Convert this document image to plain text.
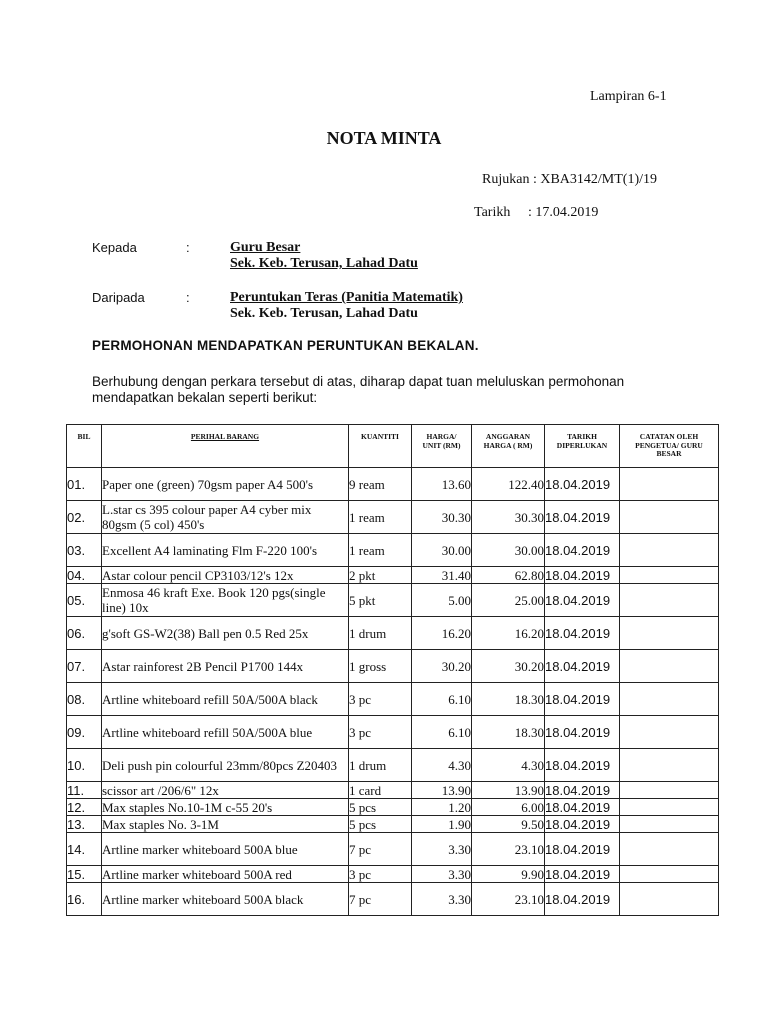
Lampiran 6-1
NOTA MINTA
Rujukan : XBA3142/MT(1)/19
Tarikh : 17.04.2019
Kepada	:	Guru Besar
Sek. Keb. Terusan, Lahad Datu
Daripada	:	Peruntukan Teras (Panitia Matematik)
Sek. Keb. Terusan, Lahad Datu
PERMOHONAN MENDAPATKAN PERUNTUKAN BEKALAN.
Berhubung dengan perkara tersebut di atas, diharap dapat tuan meluluskan permohonan mendapatkan bekalan seperti berikut:
BIL	PERIHAL BARANG	KUANTITI	HARGA/ UNIT (RM)	ANGGARAN HARGA ( RM)	TARIKH DIPERLUKAN	CATATAN OLEH PENGETUA/ GURU BESAR
01.	Paper one (green) 70gsm paper A4 500's	9 ream	13.60	122.40	18.04.2019	
02.	L.star cs 395 colour paper A4 cyber mix 80gsm (5 col) 450's	1 ream	30.30	30.30	18.04.2019	
03.	Excellent A4 laminating Flm F-220 100's	1 ream	30.00	30.00	18.04.2019	
04.	Astar colour pencil CP3103/12's 12x	2 pkt	31.40	62.80	18.04.2019	
05.	Enmosa 46 kraft Exe. Book 120 pgs(single line) 10x	5 pkt	5.00	25.00	18.04.2019	
06.	g'soft GS-W2(38) Ball pen 0.5 Red 25x	1 drum	16.20	16.20	18.04.2019	
07.	Astar rainforest 2B Pencil P1700 144x	1 gross	30.20	30.20	18.04.2019	
08.	Artline whiteboard refill 50A/500A black	3 pc	6.10	18.30	18.04.2019	
09.	Artline whiteboard refill 50A/500A blue	3 pc	6.10	18.30	18.04.2019	
10.	Deli push pin colourful 23mm/80pcs Z20403	1 drum	4.30	4.30	18.04.2019	
11.	scissor art /206/6" 12x	1 card	13.90	13.90	18.04.2019	
12.	Max staples No.10-1M c-55 20's	5 pcs	1.20	6.00	18.04.2019	
13.	Max staples No. 3-1M	5 pcs	1.90	9.50	18.04.2019	
14.	Artline marker whiteboard 500A blue	7 pc	3.30	23.10	18.04.2019	
15.	Artline marker whiteboard 500A red	3 pc	3.30	9.90	18.04.2019	
16.	Artline marker whiteboard 500A black	7 pc	3.30	23.10	18.04.2019	
